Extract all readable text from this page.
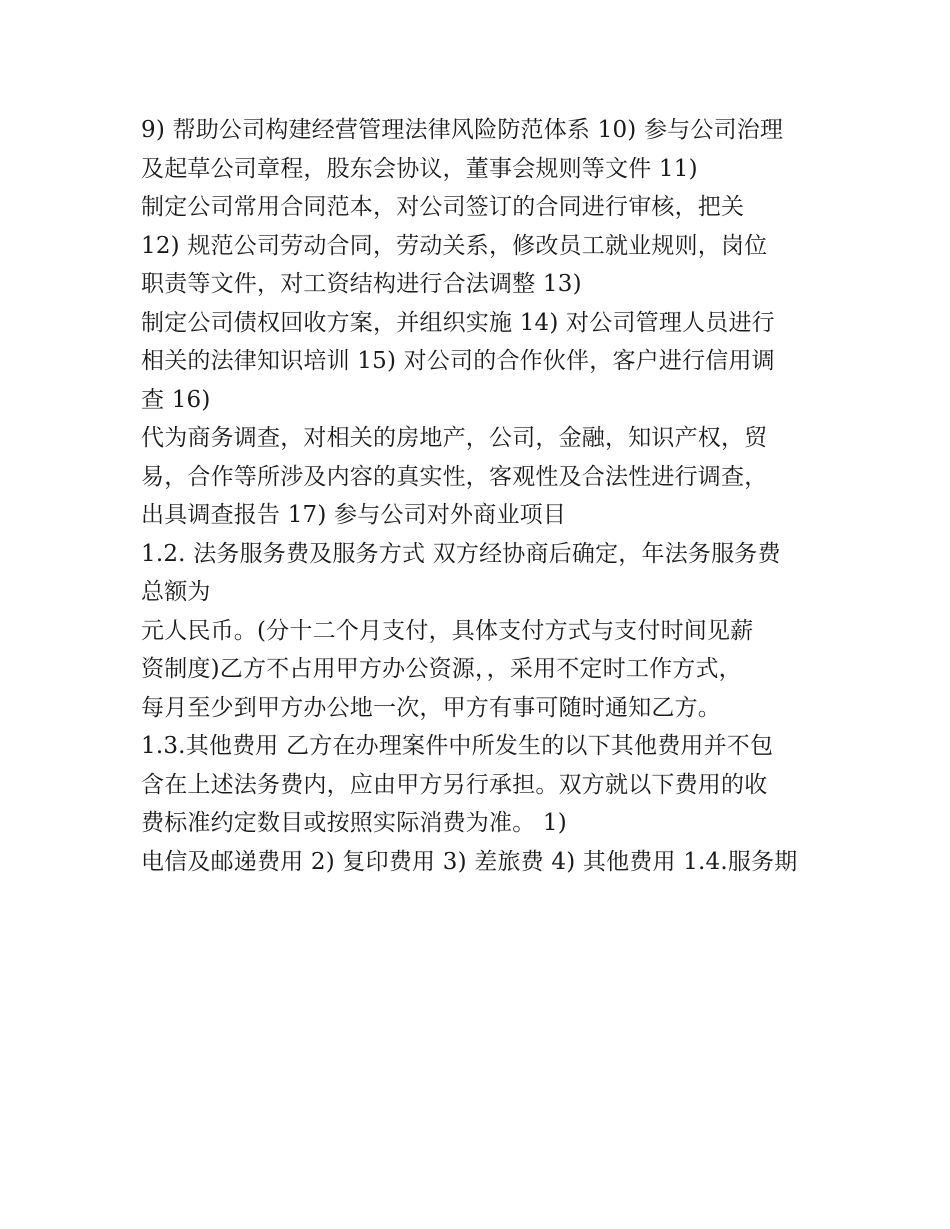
9) 帮助公司构建经营管理法律风险防范体系 10) 参与公司治理
及起草公司章程，股东会协议，董事会规则等文件 11)
制定公司常用合同范本，对公司签订的合同进行审核，把关
12) 规范公司劳动合同，劳动关系，修改员工就业规则，岗位
职责等文件，对工资结构进行合法调整 13)
制定公司债权回收方案，并组织实施 14) 对公司管理人员进行
相关的法律知识培训 15) 对公司的合作伙伴，客户进行信用调
查 16)
代为商务调查，对相关的房地产，公司，金融，知识产权，贸
易，合作等所涉及内容的真实性，客观性及合法性进行调查，
出具调查报告 17) 参与公司对外商业项目
1.2. 法务服务费及服务方式 双方经协商后确定，年法务服务费
总额为
元人民币。(分十二个月支付，具体支付方式与支付时间见薪
资制度)乙方不占用甲方办公资源，，采用不定时工作方式，
每月至少到甲方办公地一次，甲方有事可随时通知乙方。
1.3.其他费用 乙方在办理案件中所发生的以下其他费用并不包
含在上述法务费内，应由甲方另行承担。双方就以下费用的收
费标准约定数目或按照实际消费为准。 1)
电信及邮递费用 2) 复印费用 3) 差旅费 4) 其他费用 1.4.服务期
